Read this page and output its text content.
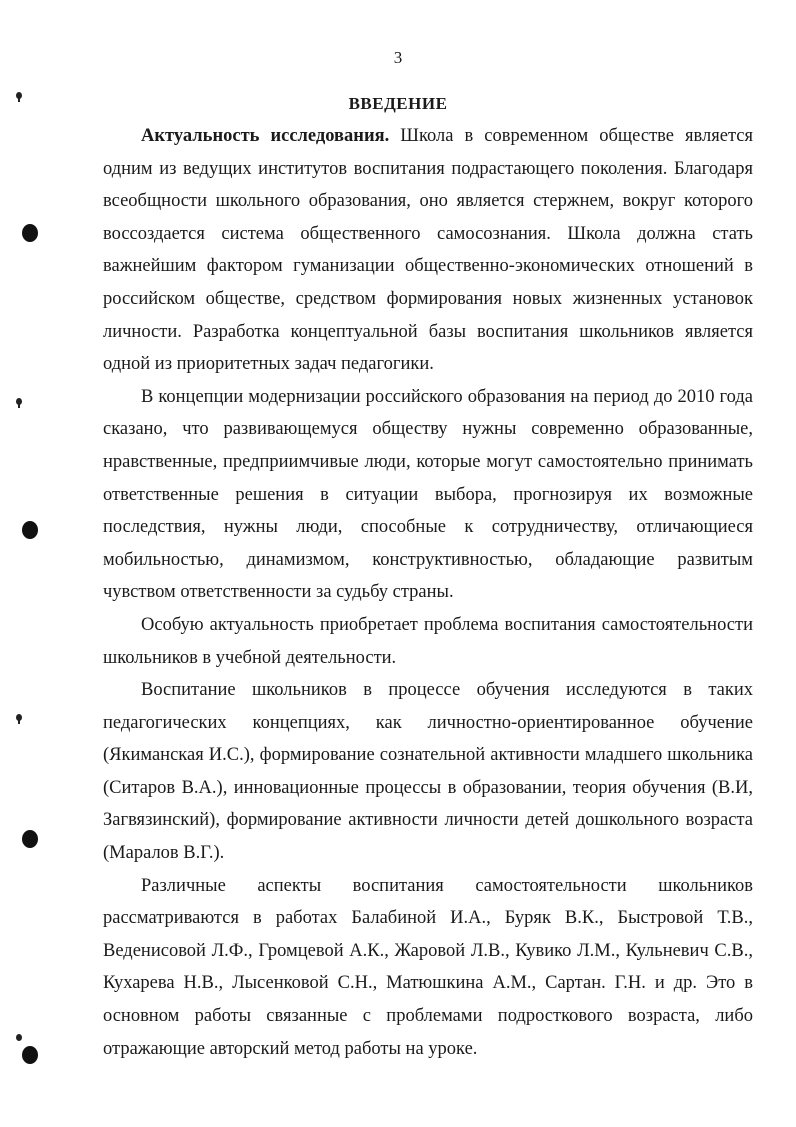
3
ВВЕДЕНИЕ

Актуальность исследования. Школа в современном обществе является одним из ведущих институтов воспитания подрастающего поколения. Благодаря всеобщности школьного образования, оно является стержнем, вокруг которого воссоздается система общественного самосознания. Школа должна стать важнейшим фактором гуманизации общественно-экономических отношений в российском обществе, средством формирования новых жизненных установок личности. Разработка концептуальной базы воспитания школьников является одной из приоритетных задач педагогики.

В концепции модернизации российского образования на период до 2010 года сказано, что развивающемуся обществу нужны современно образованные, нравственные, предприимчивые люди, которые могут самостоятельно принимать ответственные решения в ситуации выбора, прогнозируя их возможные последствия, нужны люди, способные к сотрудничеству, отличающиеся мобильностью, динамизмом, конструктивностью, обладающие развитым чувством ответственности за судьбу страны.

Особую актуальность приобретает проблема воспитания самостоятельности школьников в учебной деятельности.

Воспитание школьников в процессе обучения исследуются в таких педагогических концепциях, как личностно-ориентированное обучение (Якиманская И.С.), формирование сознательной активности младшего школьника (Ситаров В.А.), инновационные процессы в образовании, теория обучения (В.И, Загвязинский), формирование активности личности детей дошкольного возраста (Маралов В.Г.).

Различные аспекты воспитания самостоятельности школьников рассматриваются в работах Балабиной И.А., Буряк В.К., Быстровой Т.В., Веденисовой Л.Ф., Громцевой А.К., Жаровой Л.В., Кувико Л.М., Кульневич С.В., Кухарева Н.В., Лысенковой С.Н., Матюшкина А.М., Сартан. Г.Н. и др. Это в основном работы связанные с проблемами подросткового возраста, либо отражающие авторский метод работы на уроке.
